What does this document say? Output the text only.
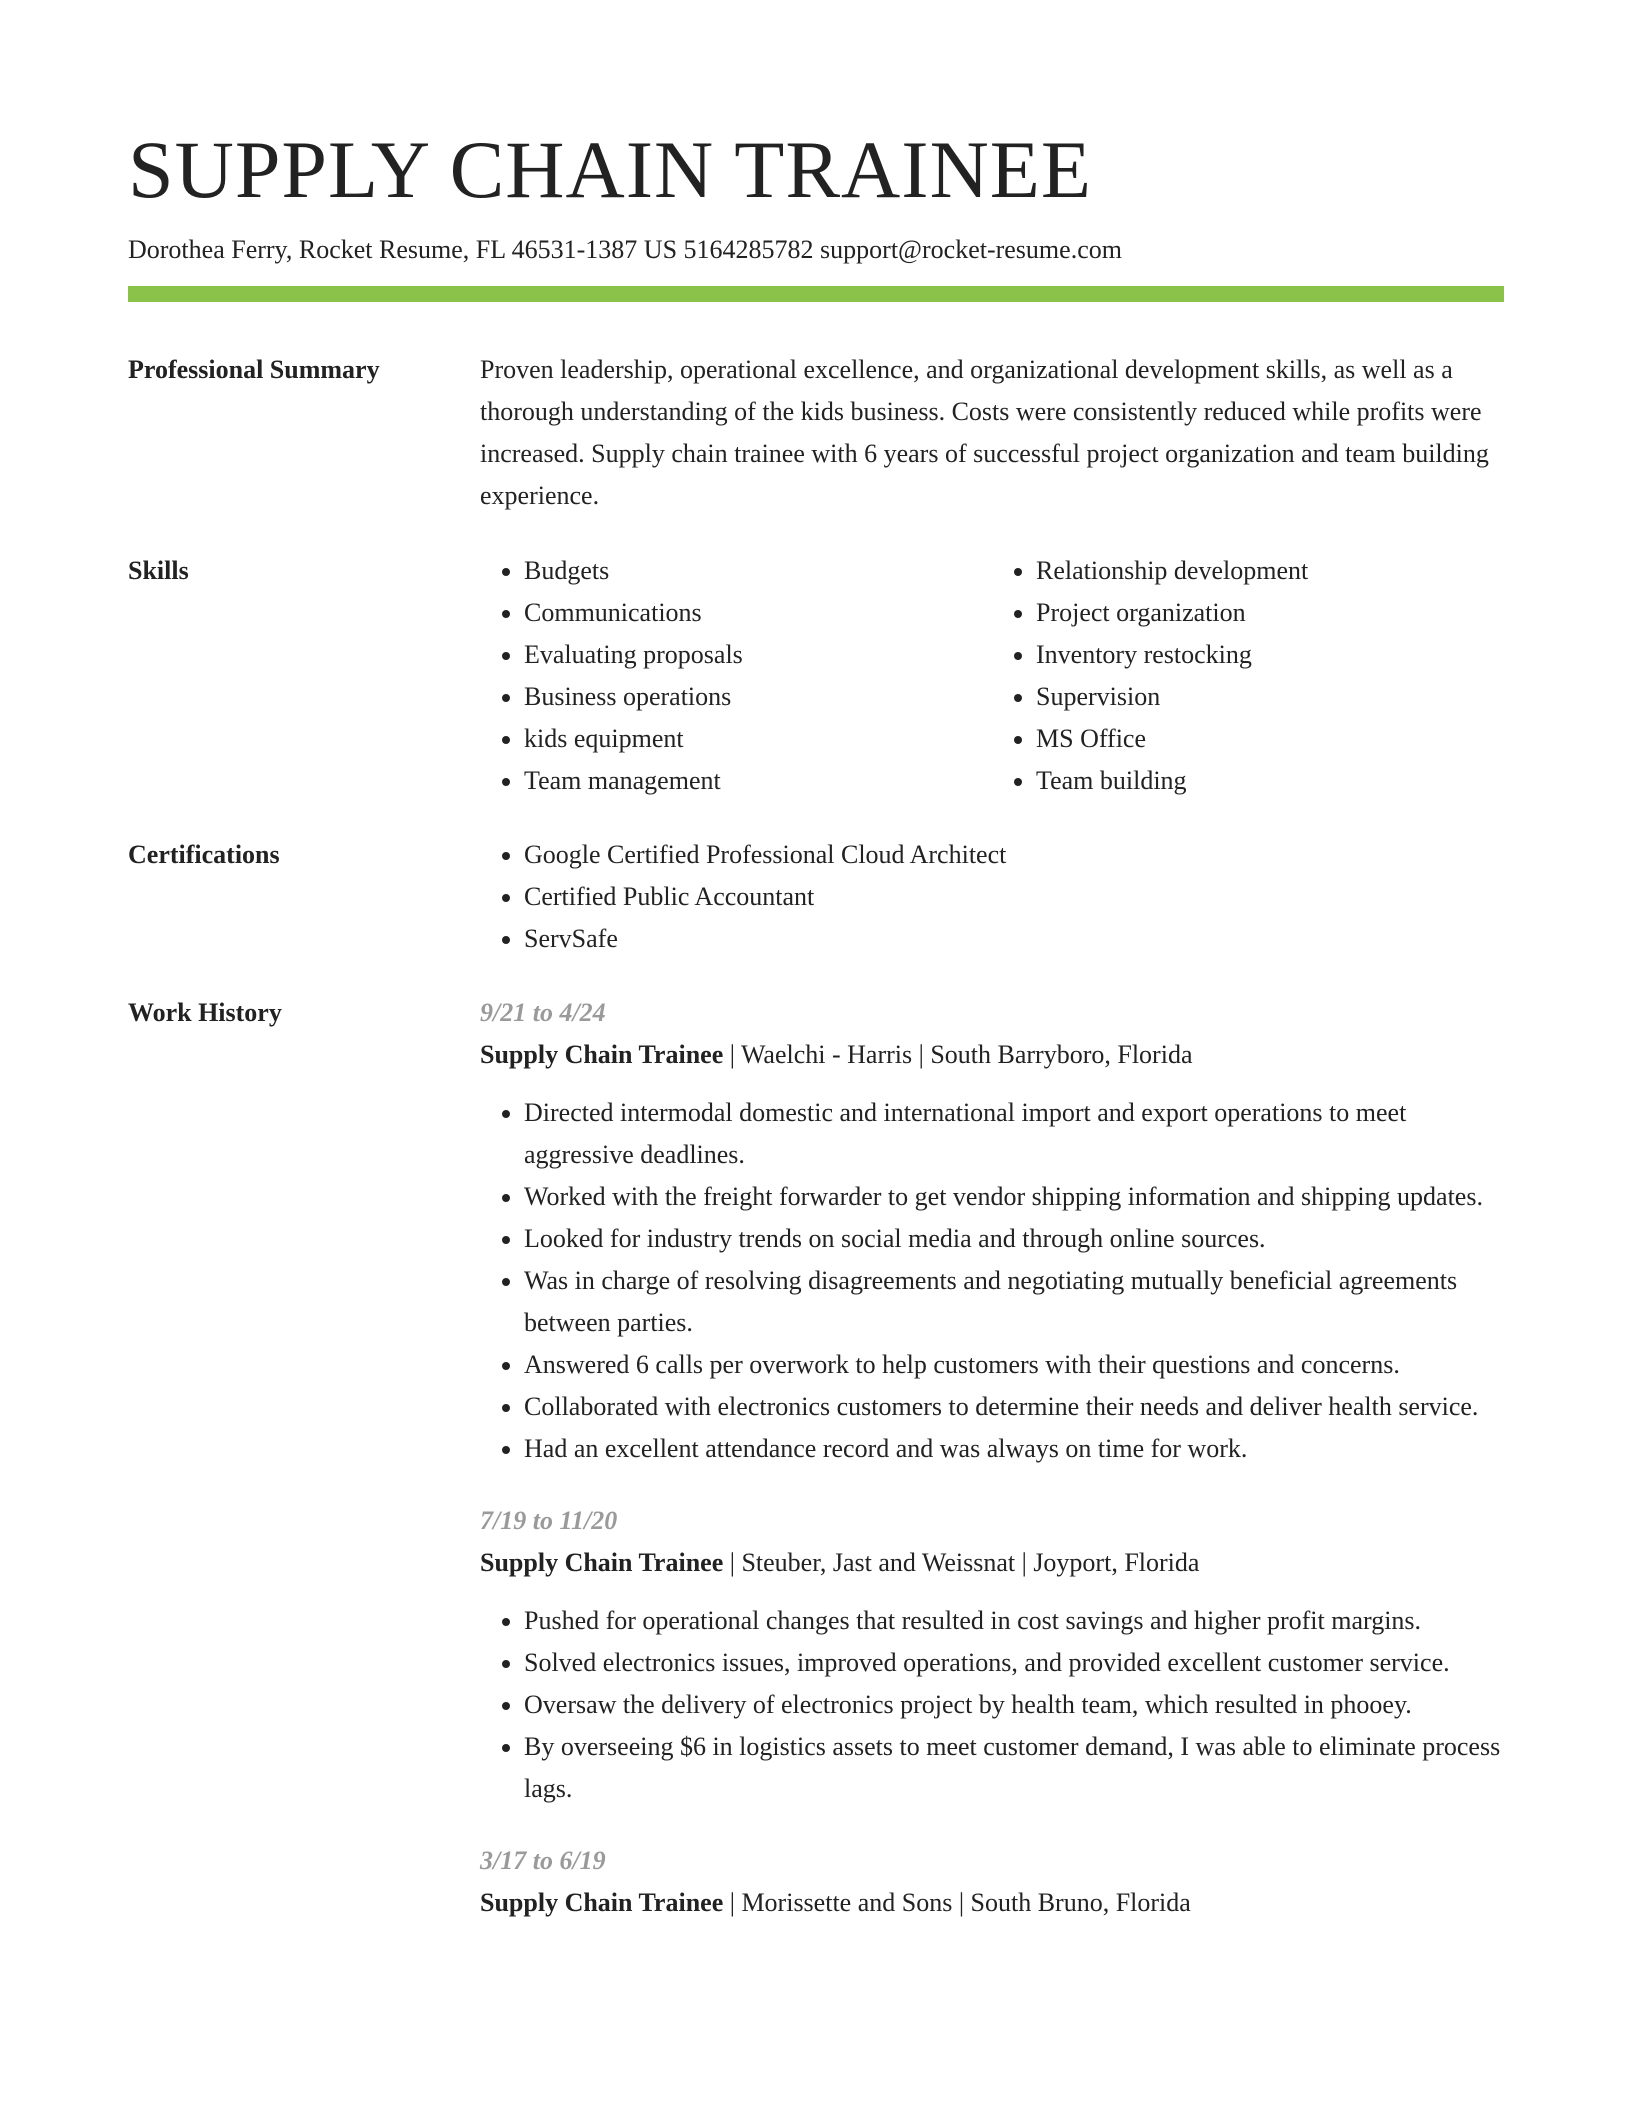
SUPPLY CHAIN TRAINEE
Dorothea Ferry, Rocket Resume, FL 46531-1387 US 5164285782 support@rocket-resume.com
Professional Summary	Proven leadership, operational excellence, and organizational development skills, as well as a thorough understanding of the kids business. Costs were consistently reduced while profits were increased. Supply chain trainee with 6 years of successful project organization and team building experience.

Skills	• Budgets
• Communications
• Evaluating proposals
• Business operations
• kids equipment
• Team management
• Relationship development
• Project organization
• Inventory restocking
• Supervision
• MS Office
• Team building
Certifications	• Google Certified Professional Cloud Architect
• Certified Public Accountant
• ServSafe
Work History	9/21 to 4/24
Supply Chain Trainee | Waelchi - Harris | South Barryboro, Florida
• Directed intermodal domestic and international import and export operations to meet aggressive deadlines.
• Worked with the freight forwarder to get vendor shipping information and shipping updates.
• Looked for industry trends on social media and through online sources.
• Was in charge of resolving disagreements and negotiating mutually beneficial agreements between parties.
• Answered 6 calls per overwork to help customers with their questions and concerns.
• Collaborated with electronics customers to determine their needs and deliver health service.
• Had an excellent attendance record and was always on time for work.
7/19 to 11/20
Supply Chain Trainee | Steuber, Jast and Weissnat | Joyport, Florida
• Pushed for operational changes that resulted in cost savings and higher profit margins.
• Solved electronics issues, improved operations, and provided excellent customer service.
• Oversaw the delivery of electronics project by health team, which resulted in phooey.
• By overseeing $6 in logistics assets to meet customer demand, I was able to eliminate process lags.
3/17 to 6/19
Supply Chain Trainee | Morissette and Sons | South Bruno, Florida
